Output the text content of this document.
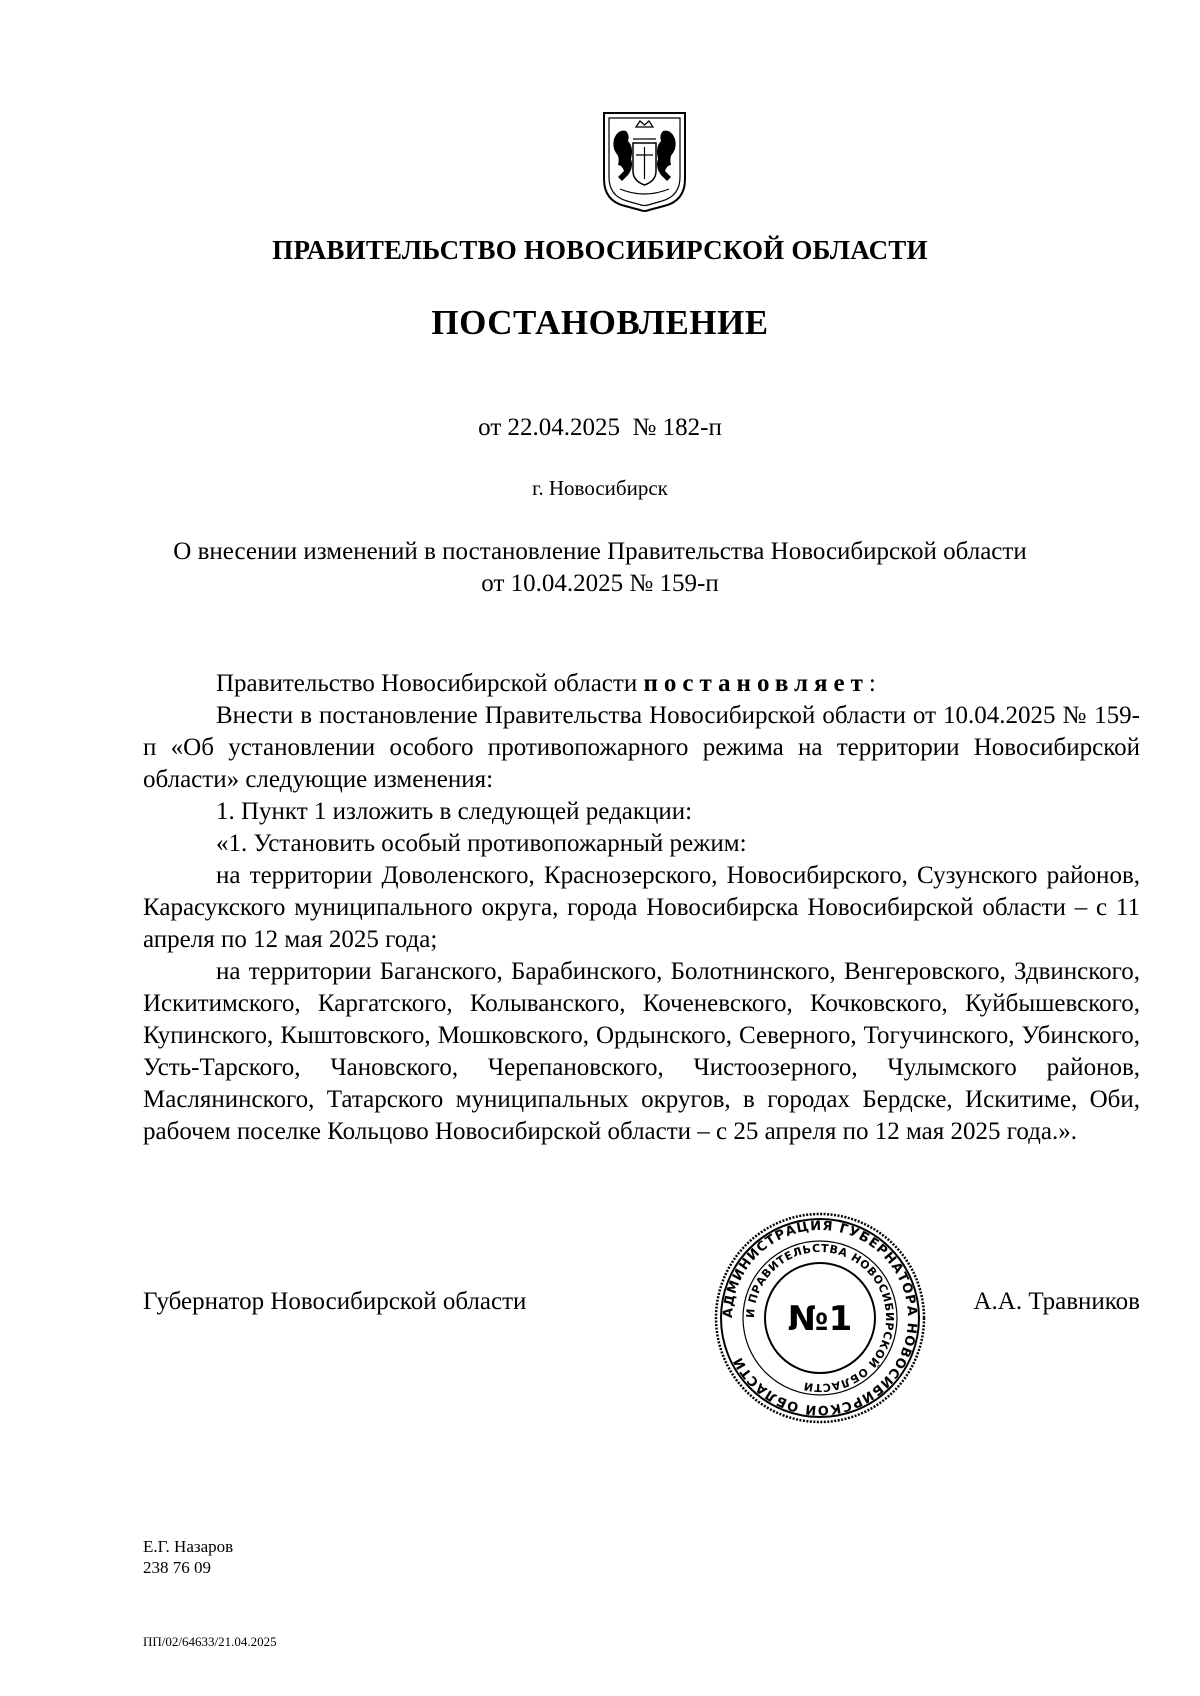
ПРАВИТЕЛЬСТВО НОВОСИБИРСКОЙ ОБЛАСТИ
ПОСТАНОВЛЕНИЕ
от 22.04.2025  № 182-п
г. Новосибирск
О внесении изменений в постановление Правительства Новосибирской области
от 10.04.2025 № 159-п
Правительство Новосибирской области постановляет:
Внести в постановление Правительства Новосибирской области от 10.04.2025 № 159-п «Об установлении особого противопожарного режима на территории Новосибирской области» следующие изменения:
1. Пункт 1 изложить в следующей редакции:
«1. Установить особый противопожарный режим:
на территории Доволенского, Краснозерского, Новосибирского, Сузунского районов, Карасукского муниципального округа, города Новосибирска Новосибирской области – с 11 апреля по 12 мая 2025 года;
на территории Баганского, Барабинского, Болотнинского, Венгеровского, Здвинского, Искитимского, Каргатского, Колыванского, Коченевского, Кочковского, Куйбышевского, Купинского, Кыштовского, Мошковского, Ордынского, Северного, Тогучинского, Убинского, Усть-Тарского, Чановского, Черепановского, Чистоозерного, Чулымского районов, Маслянинского, Татарского муниципальных округов, в городах Бердске, Искитиме, Оби, рабочем поселке Кольцово Новосибирской области – с 25 апреля по 12 мая 2025 года.».
Губернатор Новосибирской области	А.А. Травников
АДМИНИСТРАЦИЯ ГУБЕРНАТОРА НОВОСИБИРСКОЙ ОБЛАСТИ
И ПРАВИТЕЛЬСТВА НОВОСИБИРСКОЙ ОБЛАСТИ
№1
Е.Г. Назаров
238 76 09
ПП/02/64633/21.04.2025
